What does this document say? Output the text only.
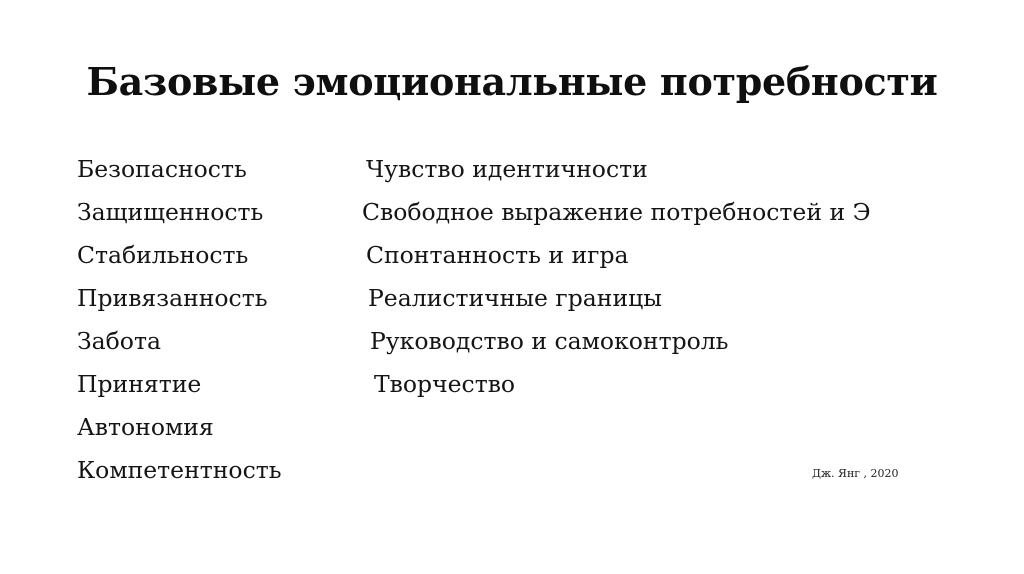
Базовые эмоциональные потребности
Безопасность
Защищенность
Стабильность
Привязанность
Забота
Принятие
Автономия
Компетентность
Чувство идентичности
Свободное выражение потребностей и Э
Спонтанность и игра
Реалистичные границы
Руководство и самоконтроль
Творчество
Дж. Янг , 2020
